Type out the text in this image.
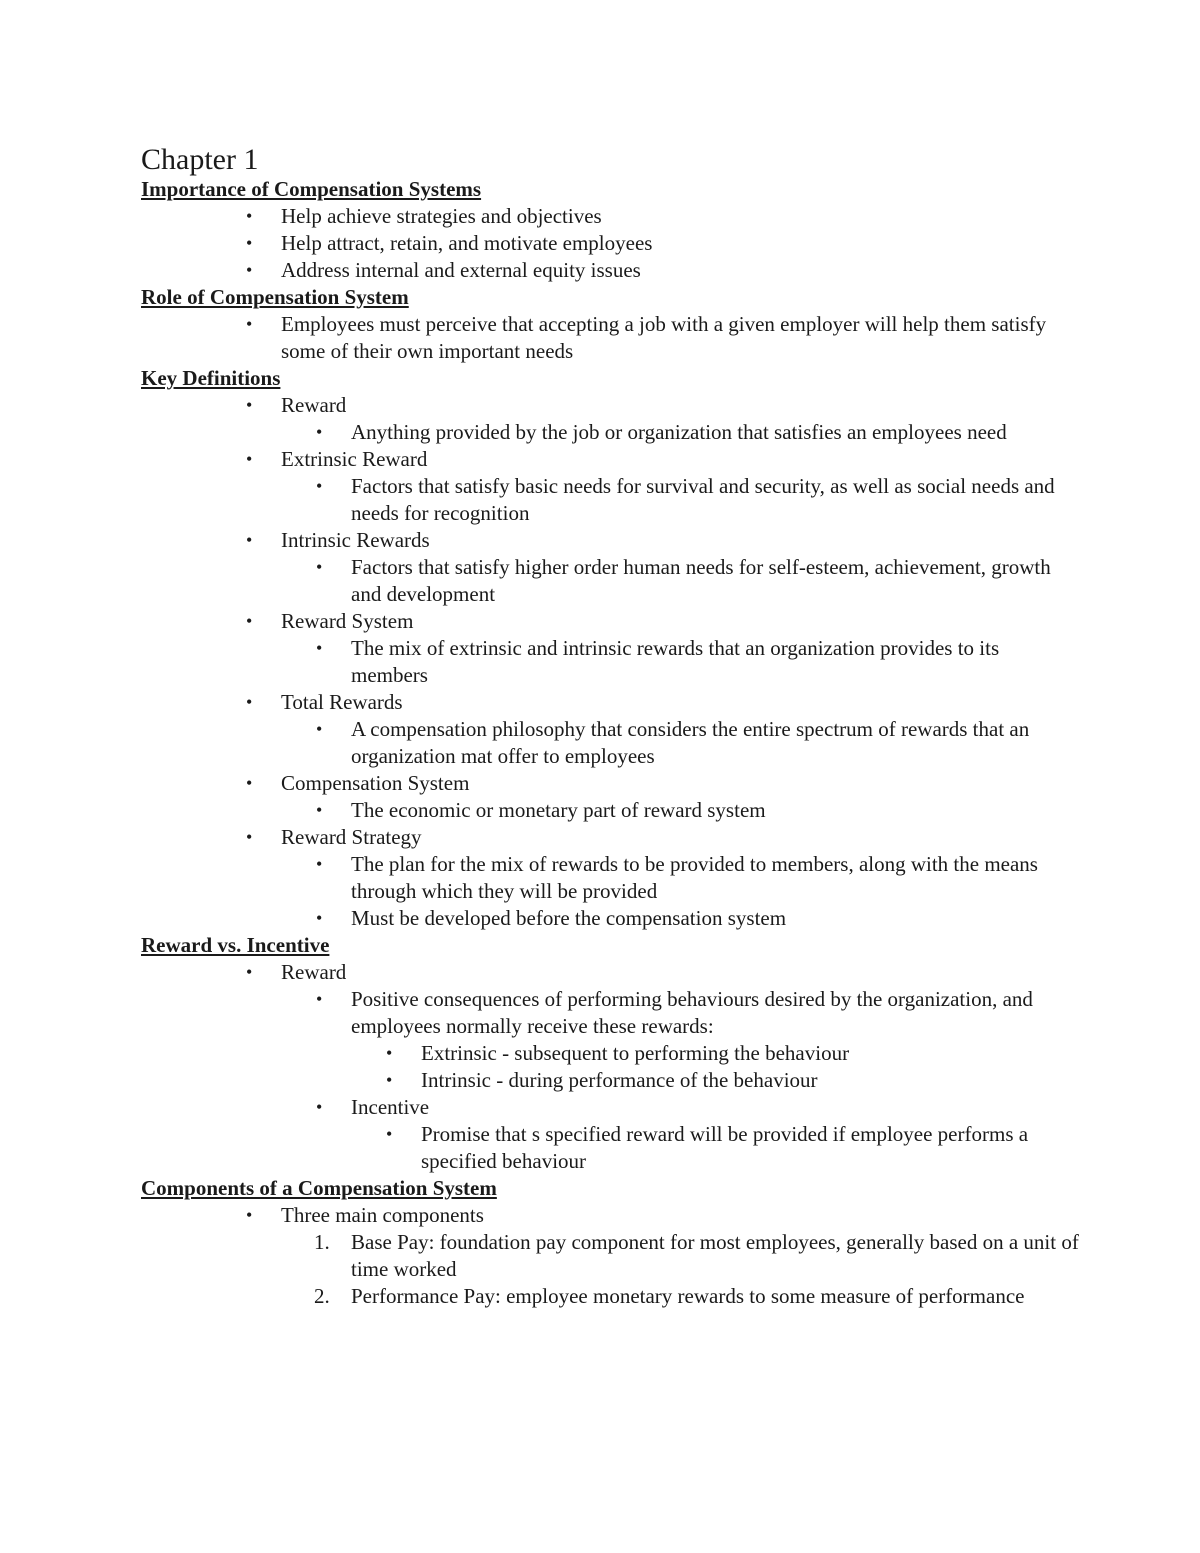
Chapter 1
Importance of Compensation Systems
• Help achieve strategies and objectives
• Help attract, retain, and motivate employees
• Address internal and external equity issues
Role of Compensation System
• Employees must perceive that accepting a job with a given employer will help them satisfy some of their own important needs
Key Definitions
• Reward
• Anything provided by the job or organization that satisfies an employees need
• Extrinsic Reward
• Factors that satisfy basic needs for survival and security, as well as social needs and needs for recognition
• Intrinsic Rewards
• Factors that satisfy higher order human needs for self-esteem, achievement, growth and development
• Reward System
• The mix of extrinsic and intrinsic rewards that an organization provides to its members
• Total Rewards
• A compensation philosophy that considers the entire spectrum of rewards that an organization mat offer to employees
• Compensation System
• The economic or monetary part of reward system
• Reward Strategy
• The plan for the mix of rewards to be provided to members, along with the means through which they will be provided
• Must be developed before the compensation system
Reward vs. Incentive
• Reward
• Positive consequences of performing behaviours desired by the organization, and employees normally receive these rewards:
• Extrinsic - subsequent to performing the behaviour
• Intrinsic - during performance of the behaviour
• Incentive
• Promise that s specified reward will be provided if employee performs a specified behaviour
Components of a Compensation System
• Three main components
1. Base Pay: foundation pay component for most employees, generally based on a unit of time worked
2. Performance Pay: employee monetary rewards to some measure of performance
